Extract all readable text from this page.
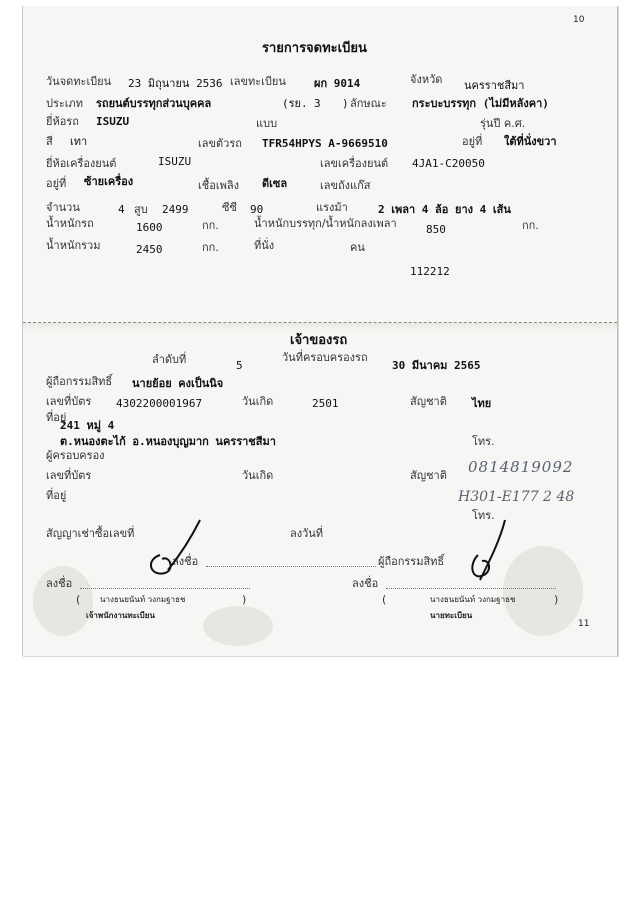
10
11
รายการจดทะเบียน
วันจดทะเบียน 23 มิถุนายน 2536 เลขทะเบียน	ผก 9014	จังหวัด นครราชสีมา
ประเภท รถยนต์บรรทุกส่วนบุคคล	(รย. 3 ) ลักษณะ กระบะบรรทุก (ไม่มีหลังคา)
ยี่ห้อรถ ISUZU	แบบ	รุ่นปี ค.ศ.
สี เทา	เลขตัวรถ TFR54HPYS A-9669510	อยู่ที่ ใต้ที่นั่งขวา
ยี่ห้อเครื่องยนต์	ISUZU	เลขเครื่องยนต์ 4JA1-C20050
อยู่ที่ ซ้ายเครื่อง	เชื้อเพลิง ดีเซล	เลขถังแก๊ส
จำนวน	4 สูบ 2499	ซีซี 90	แรงม้า	2 เพลา 4 ล้อ ยาง 4 เส้น
น้ำหนักรถ	1600	กก.	น้ำหนักบรรทุก/น้ำหนักลงเพลา	850	กก.
น้ำหนักรวม	2450	กก.	ที่นั่ง	คน
112212
เจ้าของรถ
ลำดับที่	5
วันที่ครอบครองรถ
30 มีนาคม 2565
ผู้ถือกรรมสิทธิ์ นายย้อย คงเป็นนิจ
เลขที่บัตร 4302200001967	วันเกิด	2501	สัญชาติ ไทย
ที่อยู่
241 หมู่ 4
ต.หนองตะไก้ อ.หนองบุญมาก นครราชสีมา	โทร.
ผู้ครอบครอง
เลขที่บัตร	วันเกิด	สัญชาติ 0814819092
ที่อยู่	H301-E177 2 48
โทร.
สัญญาเช่าซื้อเลขที่	ลงวันที่
ลงชื่อ	ผู้ถือกรรมสิทธิ์
ลงชื่อ	ลงชื่อ
( นางธนยนันท์ วงกมฐาธช	)	(	นางธนยนันท์ วงกมฐาธช	)
เจ้าพนักงานทะเบียน	นายทะเบียน
